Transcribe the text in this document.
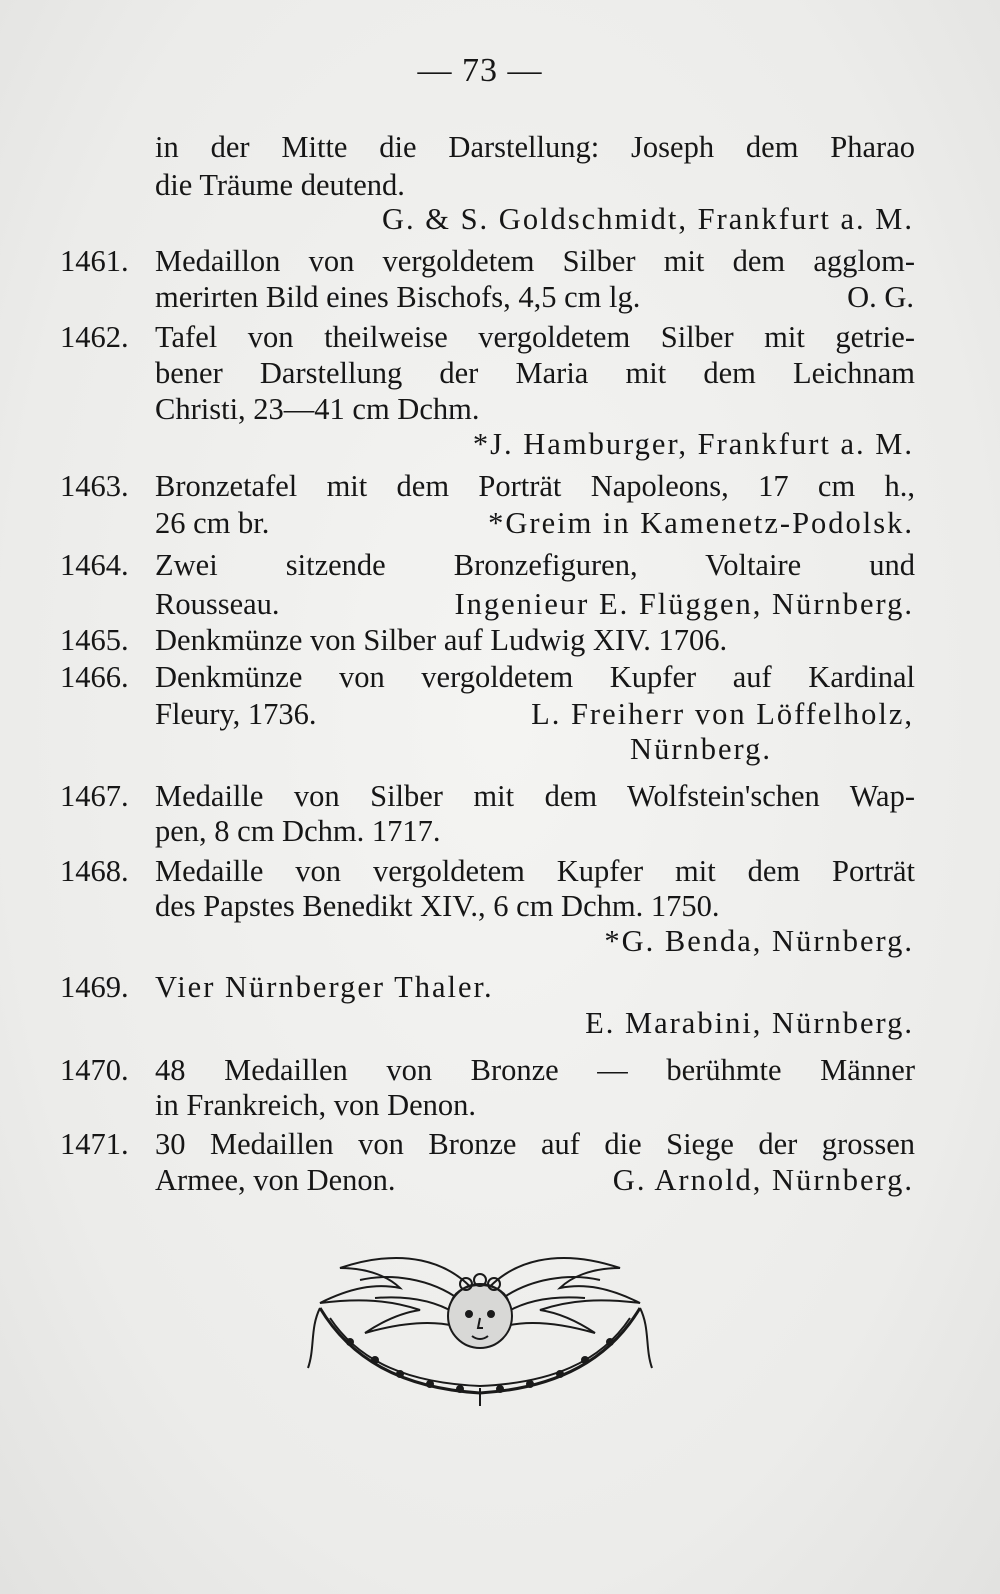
— 73 —
in der Mitte die Darstellung: Joseph dem Pharao
die Träume deutend.
G. & S. Goldschmidt, Frankfurt a. M.
1461. Medaillon von vergoldetem Silber mit dem agglom-
merirten Bild eines Bischofs, 4,5 cm lg.	O. G.
1462. Tafel von theilweise vergoldetem Silber mit getrie-
bener Darstellung der Maria mit dem Leichnam
Christi, 23—41 cm Dchm.
*J. Hamburger, Frankfurt a. M.
1463. Bronzetafel mit dem Porträt Napoleons, 17 cm h.,
26 cm br.	*Greim in Kamenetz-Podolsk.
1464. Zwei sitzende Bronzefiguren, Voltaire und
Rousseau.	Ingenieur E. Flüggen, Nürnberg.
1465. Denkmünze von Silber auf Ludwig XIV. 1706.
1466. Denkmünze von vergoldetem Kupfer auf Kardinal
Fleury, 1736.	L. Freiherr von Löffelholz,
Nürnberg.
1467. Medaille von Silber mit dem Wolfstein'schen Wap-
pen, 8 cm Dchm. 1717.
1468. Medaille von vergoldetem Kupfer mit dem Porträt
des Papstes Benedikt XIV., 6 cm Dchm. 1750.
*G. Benda, Nürnberg.
1469. Vier Nürnberger Thaler.
E. Marabini, Nürnberg.
1470. 48 Medaillen von Bronze — berühmte Männer
in Frankreich, von Denon.
1471. 30 Medaillen von Bronze auf die Siege der grossen
Armee, von Denon.	G. Arnold, Nürnberg.
